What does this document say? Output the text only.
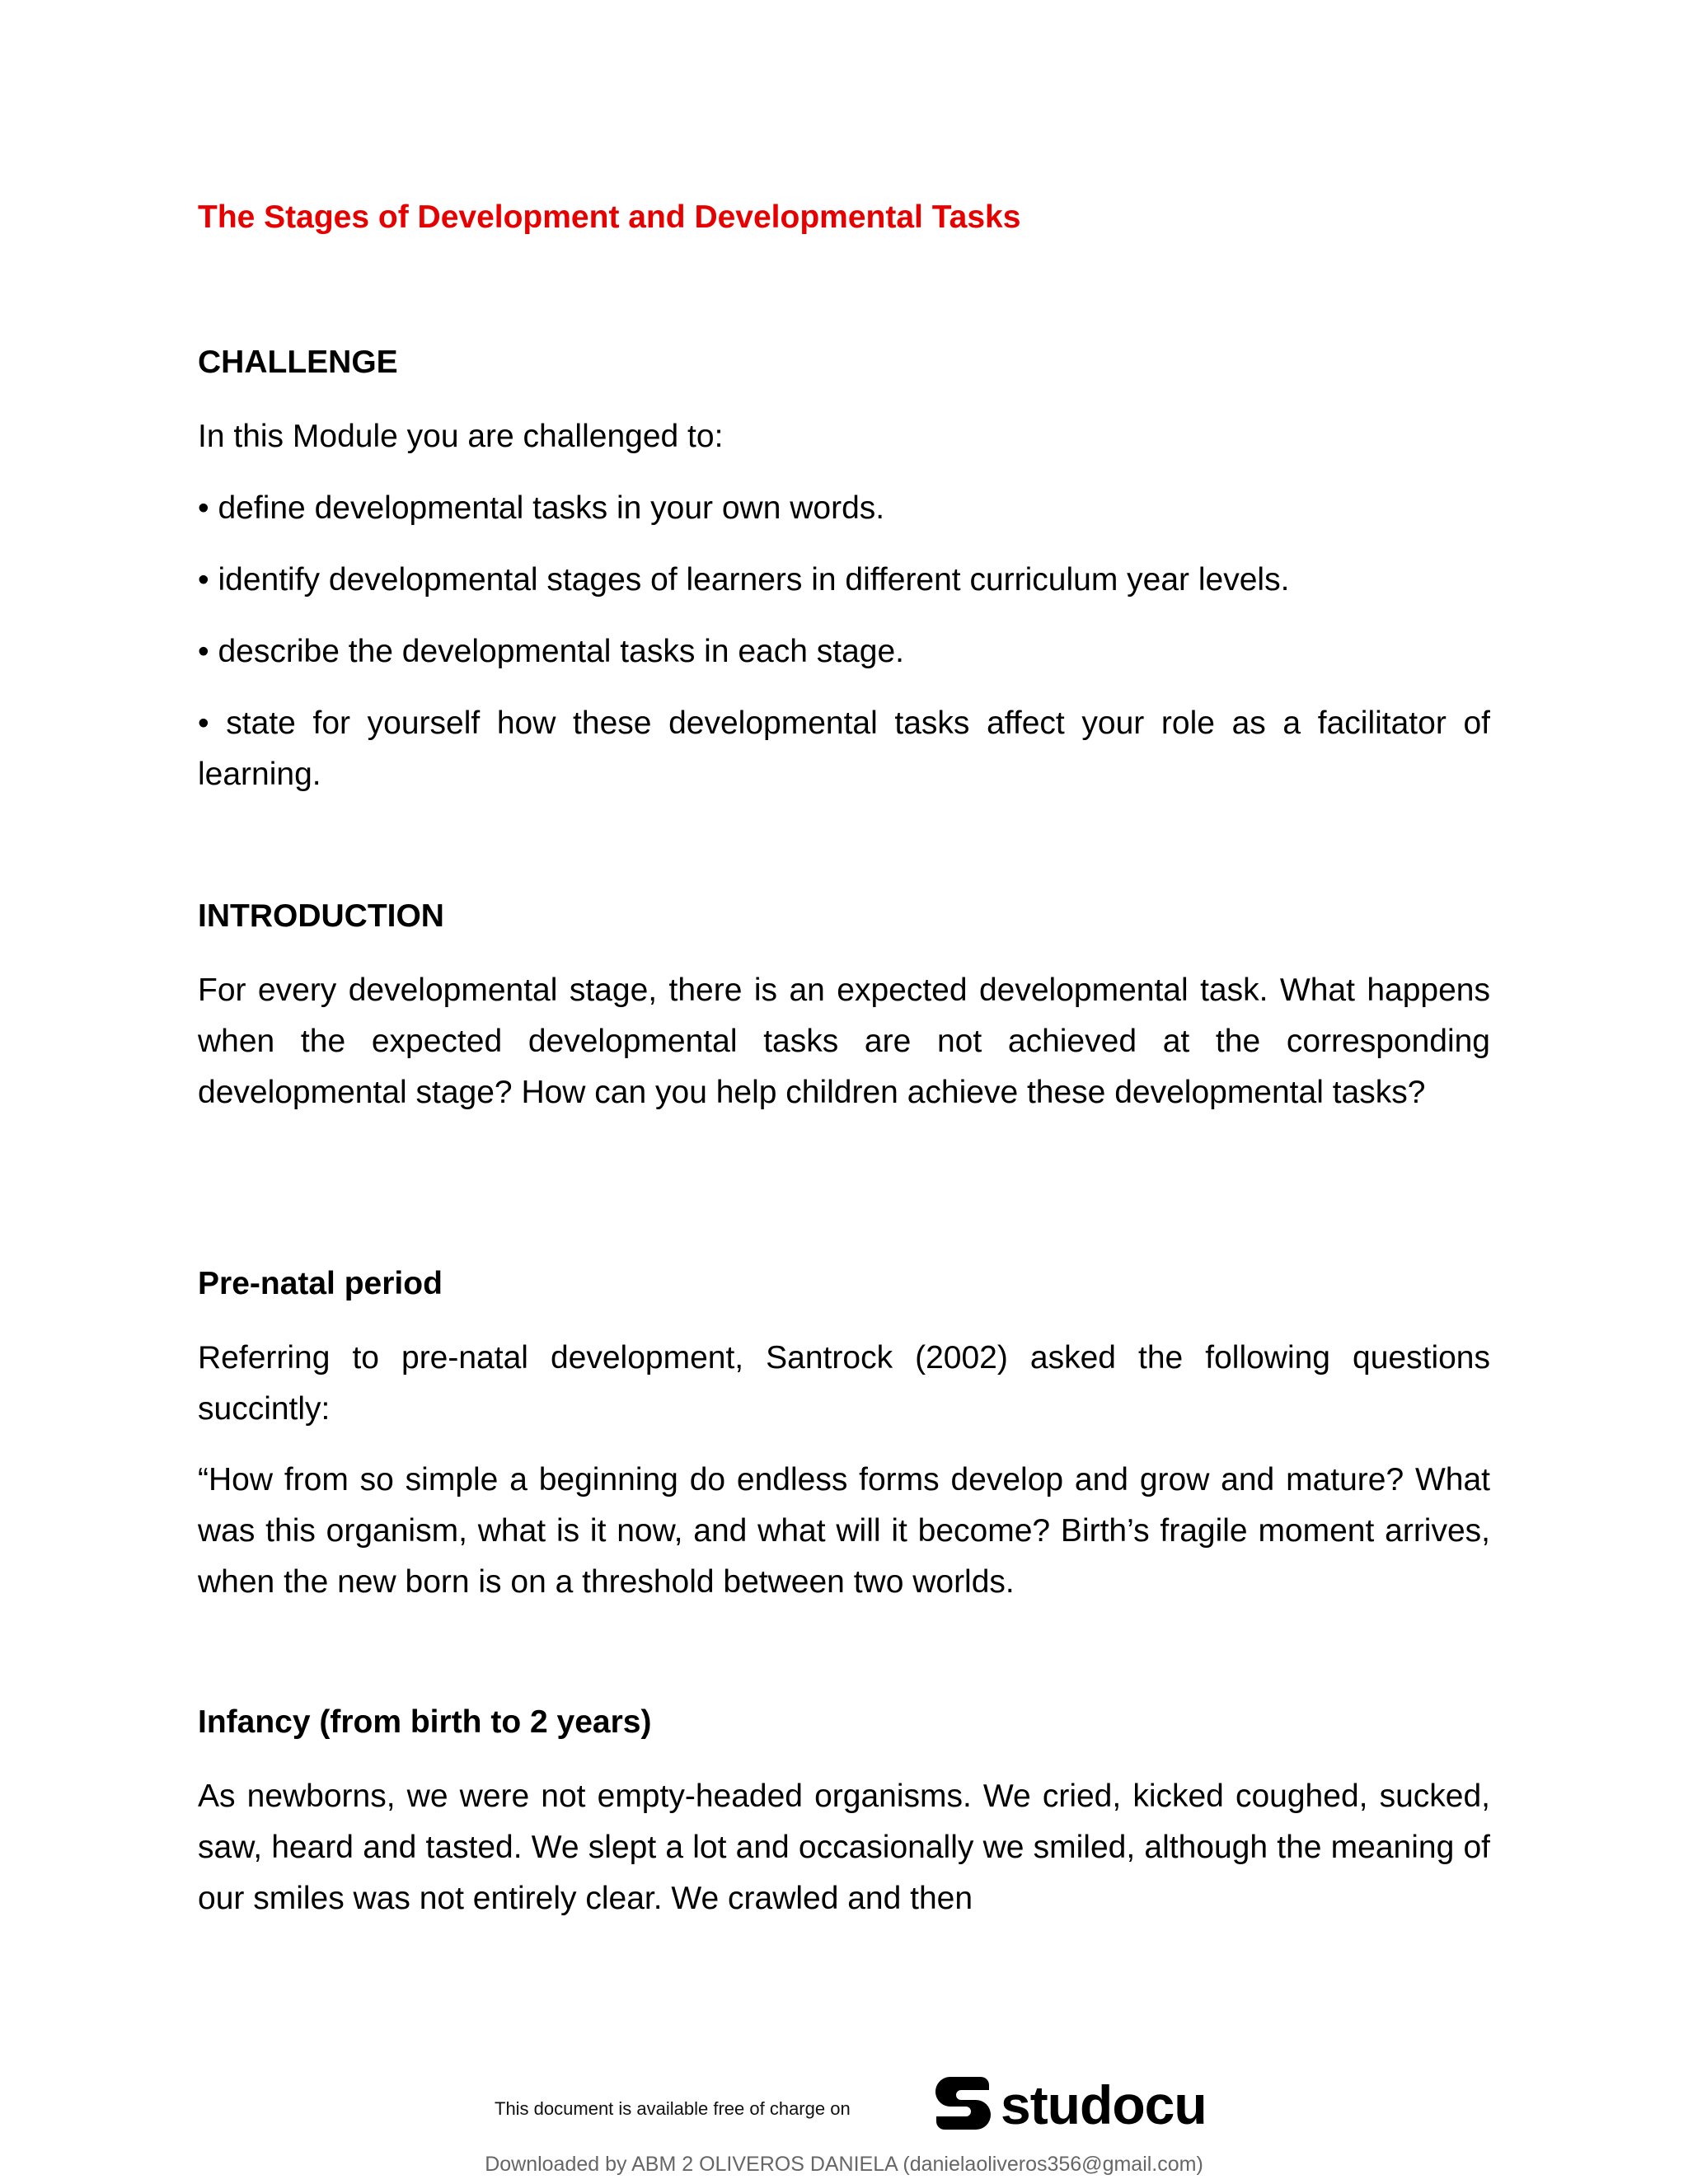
The Stages of Development and Developmental Tasks
CHALLENGE

In this Module you are challenged to:

• define developmental tasks in your own words.

• identify developmental stages of learners in different curriculum year levels.

• describe the developmental tasks in each stage.

• state for yourself how these developmental tasks affect your role as a facilitator of learning.

INTRODUCTION

For every developmental stage, there is an expected developmental task. What happens when the expected developmental tasks are not achieved at the corresponding developmental stage? How can you help children achieve these developmental tasks?

Pre-natal period

Referring to pre-natal development, Santrock (2002) asked the following questions succintly:

“How from so simple a beginning do endless forms develop and grow and mature? What was this organism, what is it now, and what will it become? Birth’s fragile moment arrives, when the new born is on a threshold between two worlds.

Infancy (from birth to 2 years)

As newborns, we were not empty-headed organisms. We cried, kicked coughed, sucked, saw, heard and tasted. We slept a lot and occasionally we smiled, although the meaning of our smiles was not entirely clear. We crawled and then

This document is available free of charge on	studocu
Downloaded by ABM 2 OLIVEROS DANIELA (danielaoliveros356@gmail.com)
